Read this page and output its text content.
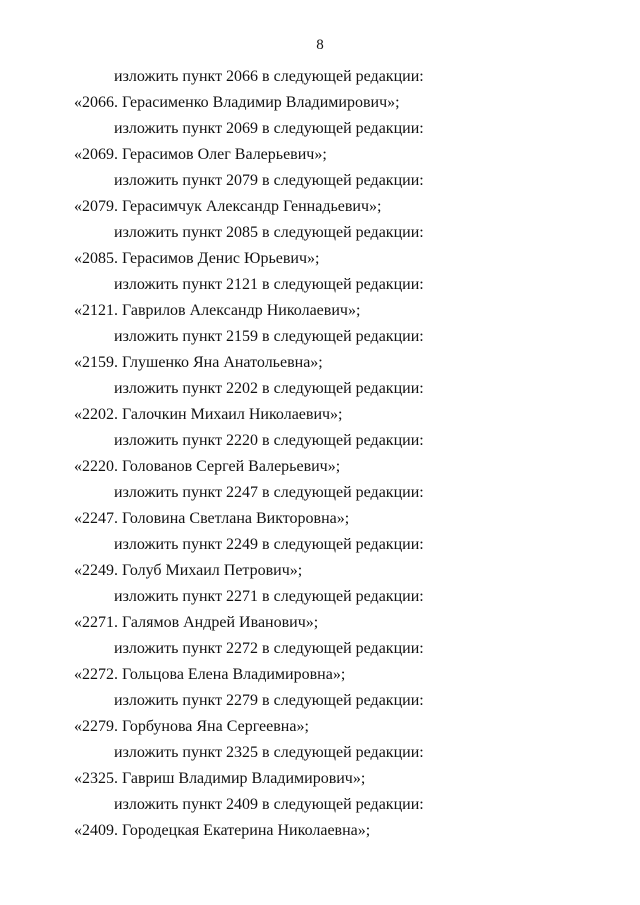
8
изложить пункт 2066 в следующей редакции:
«2066. Герасименко Владимир Владимирович»;
изложить пункт 2069 в следующей редакции:
«2069. Герасимов Олег Валерьевич»;
изложить пункт 2079 в следующей редакции:
«2079. Герасимчук Александр Геннадьевич»;
изложить пункт 2085 в следующей редакции:
«2085. Герасимов Денис Юрьевич»;
изложить пункт 2121 в следующей редакции:
«2121. Гаврилов Александр Николаевич»;
изложить пункт 2159 в следующей редакции:
«2159. Глушенко Яна Анатольевна»;
изложить пункт 2202 в следующей редакции:
«2202. Галочкин Михаил Николаевич»;
изложить пункт 2220 в следующей редакции:
«2220. Голованов Сергей Валерьевич»;
изложить пункт 2247 в следующей редакции:
«2247. Головина Светлана Викторовна»;
изложить пункт 2249 в следующей редакции:
«2249. Голуб Михаил Петрович»;
изложить пункт 2271 в следующей редакции:
«2271. Галямов Андрей Иванович»;
изложить пункт 2272 в следующей редакции:
«2272. Гольцова Елена Владимировна»;
изложить пункт 2279 в следующей редакции:
«2279. Горбунова Яна Сергеевна»;
изложить пункт 2325 в следующей редакции:
«2325. Гавриш Владимир Владимирович»;
изложить пункт 2409 в следующей редакции:
«2409. Городецкая Екатерина Николаевна»;
